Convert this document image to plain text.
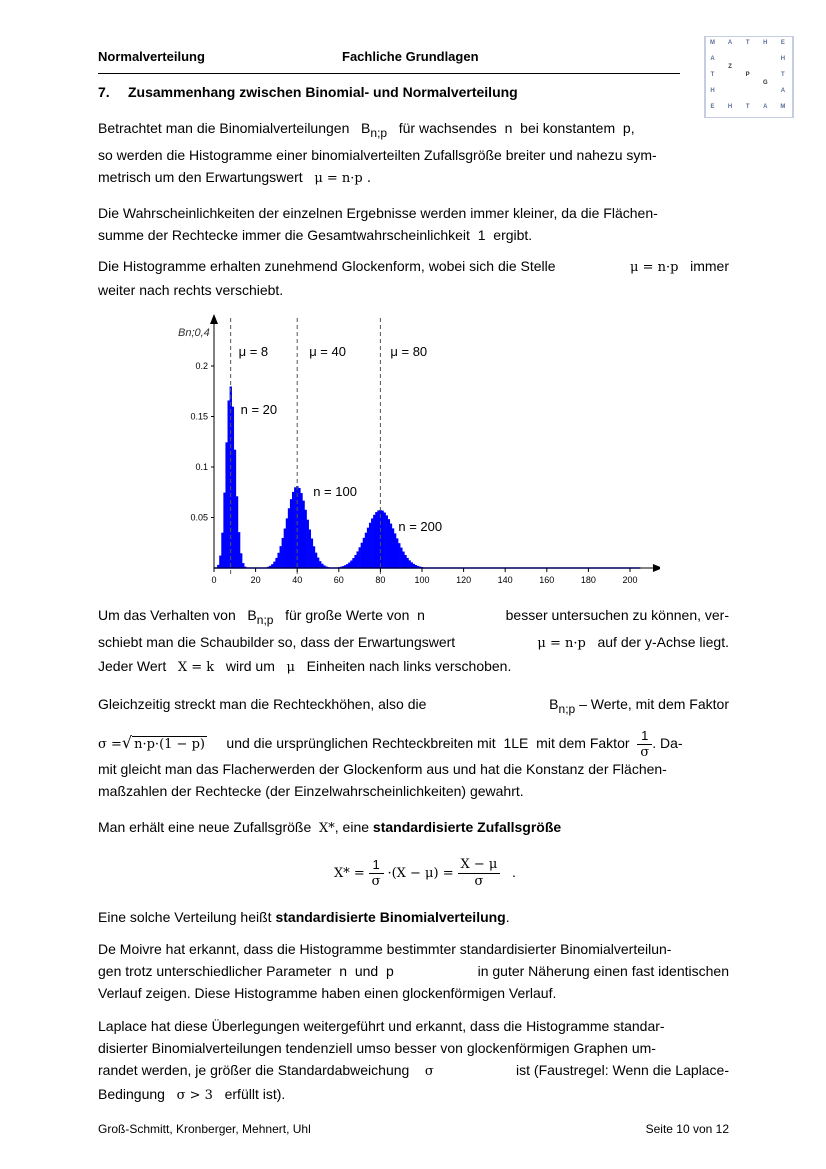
Normalverteilung	Fachliche Grundlagen
M	A	T	H	E
A	H
Z
P
T	T
G
H	A
E	H	T	A	M
7. Zusammenhang zwischen Binomial- und Normalverteilung
Betrachtet man die Binomialverteilungen $B_{n;p}$ für wachsendes n bei konstantem p,
so werden die Histogramme einer binomialverteilten Zufallsgröße breiter und nahezu sym-
metrisch um den Erwartungswert μ = n·p .
Die Wahrscheinlichkeiten der einzelnen Ergebnisse werden immer kleiner, da die Flächen-
summe der Rechtecke immer die Gesamtwahrscheinlichkeit 1 ergibt.
Die Histogramme erhalten zunehmend Glockenform, wobei sich die Stelle	μ = n·p immer
weiter nach rechts verschiebt.
0	20	40	60	80	100	120	140	160	180	200
0.05
0.1
0.15
0.2
Bn;0,4
μ = 8	μ = 40	μ = 80
n = 20
n = 100
n = 200
Um das Verhalten von $B_{n;p}$ für große Werte von n	besser untersuchen zu können, ver-
schiebt man die Schaubilder so, dass der Erwartungswert	μ = n·p auf der y-Achse liegt.
Jeder Wert X = k wird um μ Einheiten nach links verschoben.
Gleichzeitig streckt man die Rechteckhöhen, also die	$B_{n;p}$ – Werte, mit dem Faktor
σ =√ n·p·(1 − p) und die ursprünglichen Rechteckbreiten mit 1LE mit dem Faktor $\frac{1}{\sigma}$ . Da-
mit gleicht man das Flacherwerden der Glockenform aus und hat die Konstanz der Flächen-
maßzahlen der Rechtecke (der Einzelwahrscheinlichkeiten) gewahrt.
Man erhält eine neue Zufallsgröße X*, eine standardisierte Zufallsgröße
$X* = \frac{1}{\sigma} \cdot(X - \mu) = \frac{X - \mu}{\sigma}$ .
Eine solche Verteilung heißt standardisierte Binomialverteilung.
De Moivre hat erkannt, dass die Histogramme bestimmter standardisierter Binomialverteilun-
gen trotz unterschiedlicher Parameter n und p	in guter Näherung einen fast identischen
Verlauf zeigen. Diese Histogramme haben einen glockenförmigen Verlauf.
Laplace hat diese Überlegungen weitergeführt und erkannt, dass die Histogramme standar-
disierter Binomialverteilungen tendenziell umso besser von glockenförmigen Graphen um-
randet werden, je größer die Standardabweichung σ	ist (Faustregel: Wenn die Laplace-
Bedingung σ > 3 erfüllt ist).
Groß-Schmitt, Kronberger, Mehnert, Uhl	Seite 10 von 12
